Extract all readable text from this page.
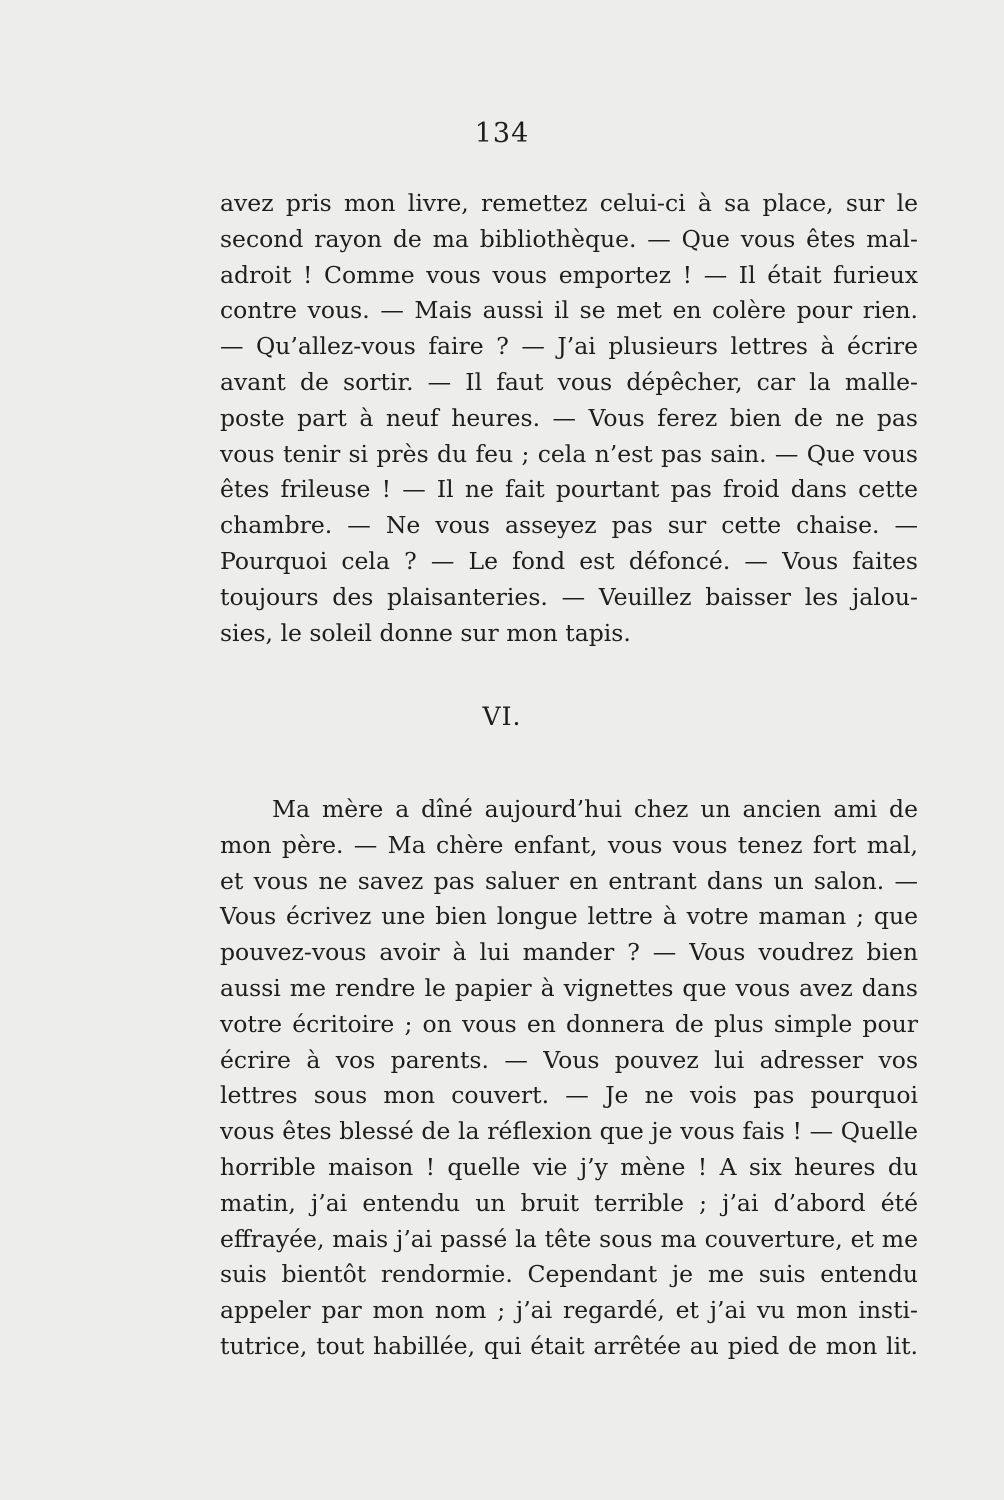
134
avez pris mon livre, remettez celui-ci à sa place, sur le
second rayon de ma bibliothèque. — Que vous êtes mal-
adroit ! Comme vous vous emportez ! — Il était furieux
contre vous. — Mais aussi il se met en colère pour rien.
— Qu’allez-vous faire ? — J’ai plusieurs lettres à écrire
avant de sortir. — Il faut vous dépêcher, car la malle-
poste part à neuf heures. — Vous ferez bien de ne pas
vous tenir si près du feu ; cela n’est pas sain. — Que vous
êtes frileuse ! — Il ne fait pourtant pas froid dans cette
chambre. — Ne vous asseyez pas sur cette chaise. —
Pourquoi cela ? — Le fond est défoncé. — Vous faites
toujours des plaisanteries. — Veuillez baisser les jalou-
sies, le soleil donne sur mon tapis.
VI.
Ma mère a dîné aujourd’hui chez un ancien ami de
mon père. — Ma chère enfant, vous vous tenez fort mal,
et vous ne savez pas saluer en entrant dans un salon. —
Vous écrivez une bien longue lettre à votre maman ; que
pouvez-vous avoir à lui mander ? — Vous voudrez bien
aussi me rendre le papier à vignettes que vous avez dans
votre écritoire ; on vous en donnera de plus simple pour
écrire à vos parents. — Vous pouvez lui adresser vos
lettres sous mon couvert. — Je ne vois pas pourquoi
vous êtes blessé de la réflexion que je vous fais ! — Quelle
horrible maison ! quelle vie j’y mène ! A six heures du
matin, j’ai entendu un bruit terrible ; j’ai d’abord été
effrayée, mais j’ai passé la tête sous ma couverture, et me
suis bientôt rendormie. Cependant je me suis entendu
appeler par mon nom ; j’ai regardé, et j’ai vu mon insti-
tutrice, tout habillée, qui était arrêtée au pied de mon lit.
